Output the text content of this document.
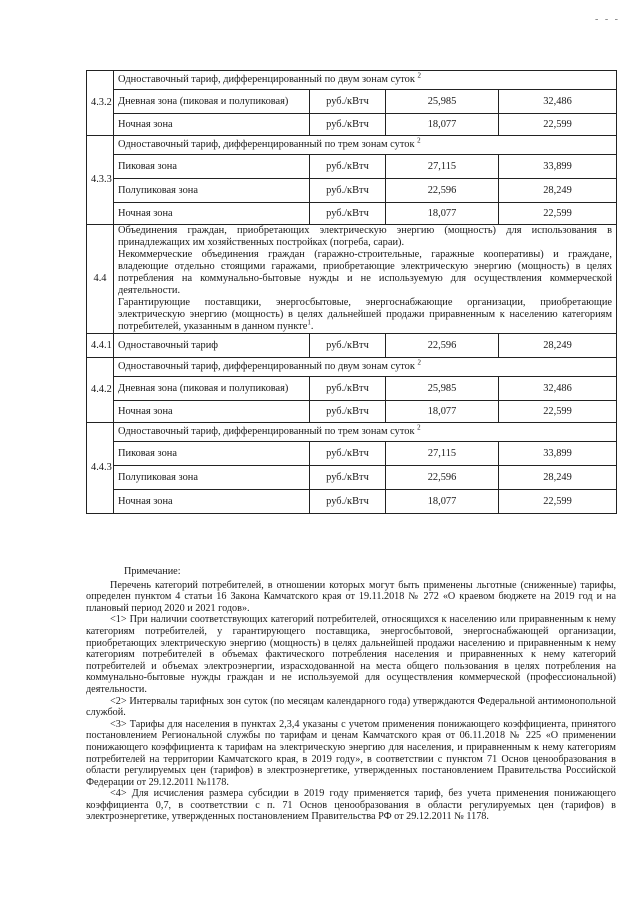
- - -
4.3.2	Одноставочный тариф, дифференцированный по двум зонам суток $^2$
	Дневная зона (пиковая и полупиковая)	руб./кВтч	25,985	32,486
	Ночная зона	руб./кВтч	18,077	22,599
4.3.3	Одноставочный тариф, дифференцированный по трем зонам суток $^2$
	Пиковая зона	руб./кВтч	27,115	33,899
	Полупиковая зона	руб./кВтч	22,596	28,249
	Ночная зона	руб./кВтч	18,077	22,599
4.4	Объединения граждан, приобретающих электрическую энергию (мощность) для использования в принадлежащих им хозяйственных постройках (погреба, сараи).

Некоммерческие объединения граждан (гаражно-строительные, гаражные кооперативы) и граждане, владеющие отдельно стоящими гаражами, приобретающие электрическую энергию (мощность) в целях потребления на коммунально-бытовые нужды и не используемую для осуществления коммерческой деятельности.

Гарантирующие поставщики, энергосбытовые, энергоснабжающие организации, приобретающие электрическую энергию (мощность) в целях дальнейшей продажи приравненным к населению категориям потребителей, указанным в данном пункте$^1$.			

4.4.1	Одноставочный тариф	руб./кВтч	22,596	28,249
4.4.2	Одноставочный тариф, дифференцированный по двум зонам суток $^2$
	Дневная зона (пиковая и полупиковая)	руб./кВтч	25,985	32,486
	Ночная зона	руб./кВтч	18,077	22,599
4.4.3	Одноставочный тариф, дифференцированный по трем зонам суток $^2$
	Пиковая зона	руб./кВтч	27,115	33,899
	Полупиковая зона	руб./кВтч	22,596	28,249
	Ночная зона	руб./кВтч	18,077	22,599

Примечание:

Перечень категорий потребителей, в отношении которых могут быть применены льготные (сниженные) тарифы, определен пунктом 4 статьи 16 Закона Камчатского края от 19.11.2018 № 272 «О краевом бюджете на 2019 год и на плановый период 2020 и 2021 годов».

<1> При наличии соответствующих категорий потребителей, относящихся к населению или приравненным к нему категориям потребителей, у гарантирующего поставщика, энергосбытовой, энергоснабжающей организации, приобретающих электрическую энергию (мощность) в целях дальнейшей продажи населению и приравненным к нему категориям потребителей в объемах фактического потребления населения и приравненных к нему категорий потребителей и объемах электроэнергии, израсходованной на места общего пользования в целях потребления на коммунально-бытовые нужды граждан и не используемой для осуществления коммерческой (профессиональной) деятельности.

<2> Интервалы тарифных зон суток (по месяцам календарного года) утверждаются Федеральной антимонопольной службой.

<3> Тарифы для населения в пунктах 2,3,4 указаны с учетом применения понижающего коэффициента, принятого постановлением Региональной службы по тарифам и ценам Камчатского края от 06.11.2018 № 225 «О применении понижающего коэффициента к тарифам на электрическую энергию для населения, и приравненным к нему категориям потребителей на территории Камчатского края, в 2019 году», в соответствии с пунктом 71 Основ ценообразования в области регулируемых цен (тарифов) в электроэнергетике, утвержденных постановлением Правительства Российской Федерации от 29.12.2011 №1178.

<4> Для исчисления размера субсидии в 2019 году применяется тариф, без учета применения понижающего коэффициента 0,7, в соответствии с п. 71 Основ ценообразования в области регулируемых цен (тарифов) в электроэнергетике, утвержденных постановлением Правительства РФ от 29.12.2011 № 1178.
